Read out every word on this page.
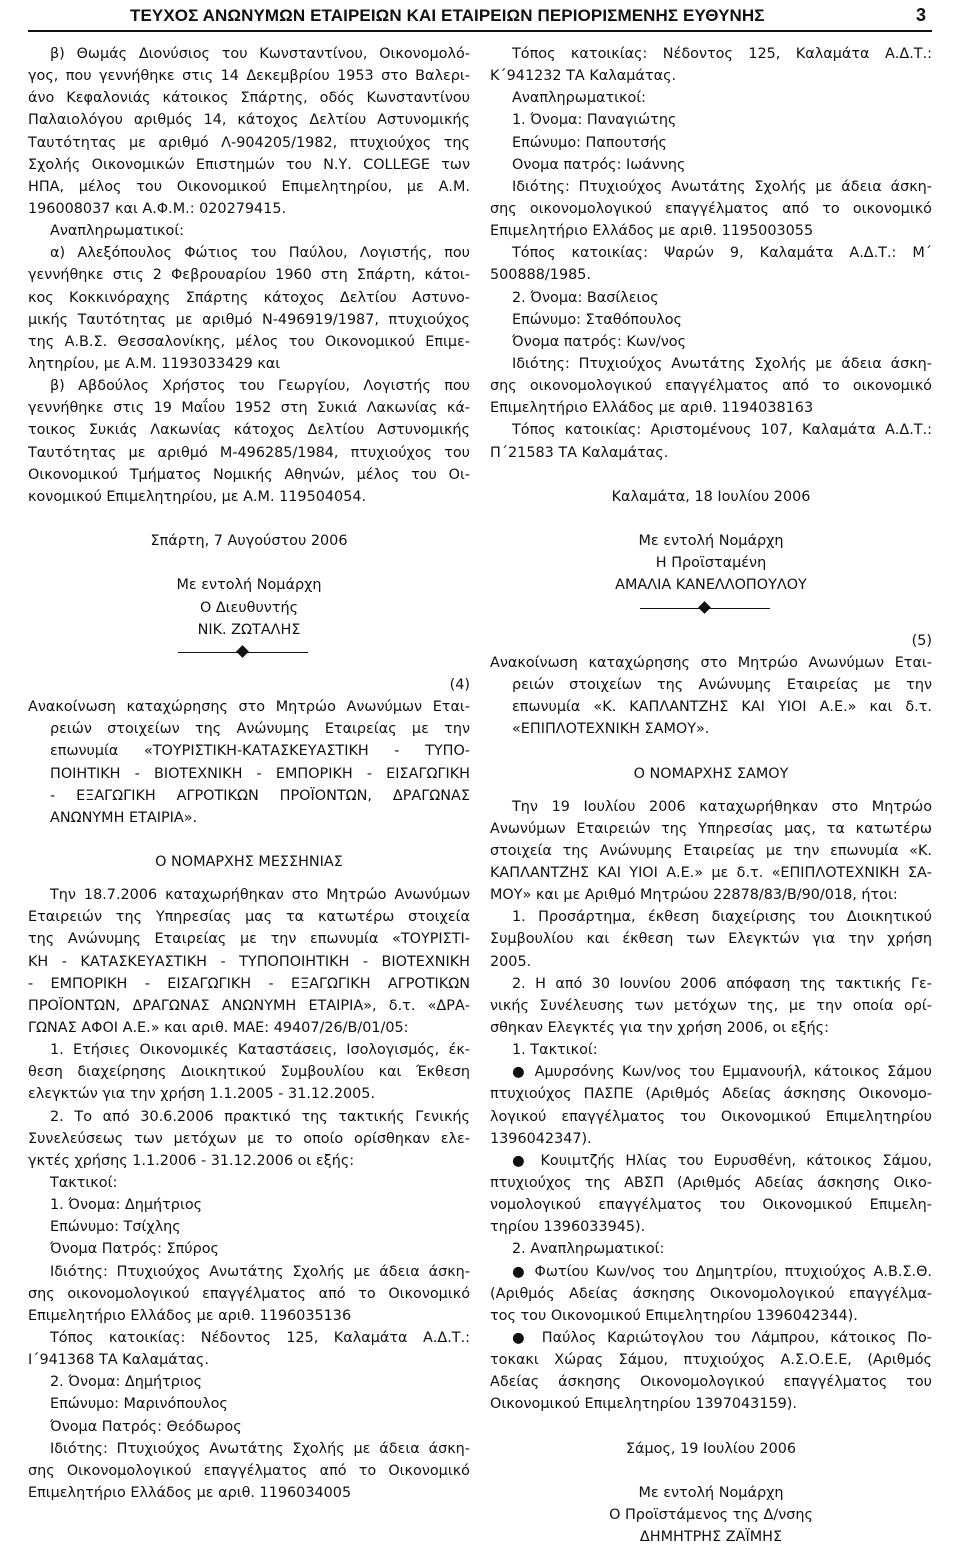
ΤΕΥΧΟΣ ΑΝΩΝΥΜΩΝ ΕΤΑΙΡΕΙΩΝ ΚΑΙ ΕΤΑΙΡΕΙΩΝ ΠΕΡΙΟΡΙΣΜΕΝΗΣ ΕΥΘΥΝΗΣ	3
β) Θωμάς Διονύσιος του Κωνσταντίνου, Οικονομολό-
γος, που γεννήθηκε στις 14 Δεκεμβρίου 1953 στο Βαλερι-
άνο Κεφαλονιάς κάτοικος Σπάρτης, οδός Κωνσταντίνου
Παλαιολόγου αριθμός 14, κάτοχος Δελτίου Αστυνομικής
Ταυτότητας με αριθμό Λ-904205/1982, πτυχιούχος της
Σχολής Οικονομικών Επιστημών του Ν.Υ. COLLEGE των
ΗΠΑ, μέλος του Οικονομικού Επιμελητηρίου, με Α.Μ.
196008037 και Α.Φ.Μ.: 020279415.
Αναπληρωματικοί:
α) Αλεξόπουλος Φώτιος του Παύλου, Λογιστής, που
γεννήθηκε στις 2 Φεβρουαρίου 1960 στη Σπάρτη, κάτοι-
κος Κοκκινόραχης Σπάρτης κάτοχος Δελτίου Αστυνο-
μικής Ταυτότητας με αριθμό Ν-496919/1987, πτυχιούχος
της Α.Β.Σ. Θεσσαλονίκης, μέλος του Οικονομικού Επιμε-
λητηρίου, με Α.Μ. 1193033429 και
β) Αβδούλος Χρήστος του Γεωργίου, Λογιστής που
γεννήθηκε στις 19 Μαΐου 1952 στη Συκιά Λακωνίας κά-
τοικος Συκιάς Λακωνίας κάτοχος Δελτίου Αστυνομικής
Ταυτότητας με αριθμό Μ-496285/1984, πτυχιούχος του
Οικονομικού Τμήματος Νομικής Αθηνών, μέλος του Οι-
κονομικού Επιμελητηρίου, με Α.Μ. 119504054.
Σπάρτη, 7 Αυγούστου 2006
Με εντολή Νομάρχη
Ο Διευθυντής
ΝΙΚ. ΖΩΤΑΛΗΣ
(4)
Ανακοίνωση καταχώρησης στο Μητρώο Ανωνύμων Εται-
ρειών στοιχείων της Ανώνυμης Εταιρείας με την
επωνυμία «ΤΟΥΡΙΣΤΙΚΗ-ΚΑΤΑΣΚΕΥΑΣΤΙΚΗ - ΤΥΠΟ-
ΠΟΙΗΤΙΚΗ - ΒΙΟΤΕΧΝΙΚΗ - ΕΜΠΟΡΙΚΗ - ΕΙΣΑΓΩΓΙΚΗ
- ΕΞΑΓΩΓΙΚΗ ΑΓΡΟΤΙΚΩΝ ΠΡΟΪΟΝΤΩΝ, ΔΡΑΓΩΝΑΣ
ΑΝΩΝΥΜΗ ΕΤΑΙΡΙΑ».
Ο ΝΟΜΑΡΧΗΣ ΜΕΣΣΗΝΙΑΣ
Την 18.7.2006 καταχωρήθηκαν στο Μητρώο Ανωνύμων
Εταιρειών της Υπηρεσίας μας τα κατωτέρω στοιχεία
της Ανώνυμης Εταιρείας με την επωνυμία «ΤΟΥΡΙΣΤΙ-
ΚΗ - ΚΑΤΑΣΚΕΥΑΣΤΙΚΗ - ΤΥΠΟΠΟΙΗΤΙΚΗ - ΒΙΟΤΕΧΝΙΚΗ
- ΕΜΠΟΡΙΚΗ - ΕΙΣΑΓΩΓΙΚΗ - ΕΞΑΓΩΓΙΚΗ ΑΓΡΟΤΙΚΩΝ
ΠΡΟΪΟΝΤΩΝ, ΔΡΑΓΩΝΑΣ ΑΝΩΝΥΜΗ ΕΤΑΙΡΙΑ», δ.τ. «ΔΡΑ-
ΓΩΝΑΣ ΑΦΟΙ Α.Ε.» και αριθ. ΜΑΕ: 49407/26/Β/01/05:
1. Ετήσιες Οικονομικές Καταστάσεις, Ισολογισμός, έκ-
θεση διαχείρησης Διοικητικού Συμβουλίου και Έκθεση
ελεγκτών για την χρήση 1.1.2005 - 31.12.2005.
2. Το από 30.6.2006 πρακτικό της τακτικής Γενικής
Συνελεύσεως των μετόχων με το οποίο ορίσθηκαν ελε-
γκτές χρήσης 1.1.2006 - 31.12.2006 οι εξής:
Τακτικοί:
1. Όνομα: Δημήτριος
Επώνυμο: Τσίχλης
Όνομα Πατρός: Σπύρος
Ιδιότης: Πτυχιούχος Ανωτάτης Σχολής με άδεια άσκη-
σης οικονομολογικού επαγγέλματος από το Οικονομικό
Επιμελητήριο Ελλάδος με αριθ. 1196035136
Τόπος κατοικίας: Νέδοντος 125, Καλαμάτα Α.Δ.Τ.:
Ι΄941368 ΤΑ Καλαμάτας.
2. Όνομα: Δημήτριος
Επώνυμο: Μαρινόπουλος
Όνομα Πατρός: Θεόδωρος
Ιδιότης: Πτυχιούχος Ανωτάτης Σχολής με άδεια άσκη-
σης Οικονομολογικού επαγγέλματος από το Οικονομικό
Επιμελητήριο Ελλάδος με αριθ. 1196034005
Τόπος κατοικίας: Νέδοντος 125, Καλαμάτα Α.Δ.Τ.:
Κ΄941232 ΤΑ Καλαμάτας.
Αναπληρωματικοί:
1. Όνομα: Παναγιώτης
Επώνυμο: Παπουτσής
Ονομα πατρός: Ιωάννης
Ιδιότης: Πτυχιούχος Ανωτάτης Σχολής με άδεια άσκη-
σης οικονομολογικού επαγγέλματος από το οικονομικό
Επιμελητήριο Ελλάδος με αριθ. 1195003055
Τόπος κατοικίας: Ψαρών 9, Καλαμάτα Α.Δ.Τ.: Μ΄
500888/1985.
2. Όνομα: Βασίλειος
Επώνυμο: Σταθόπουλος
Όνομα πατρός: Κων/νος
Ιδιότης: Πτυχιούχος Ανωτάτης Σχολής με άδεια άσκη-
σης οικονομολογικού επαγγέλματος από το οικονομικό
Επιμελητήριο Ελλάδος με αριθ. 1194038163
Τόπος κατοικίας: Αριστομένους 107, Καλαμάτα Α.Δ.Τ.:
Π΄21583 ΤΑ Καλαμάτας.
Καλαμάτα, 18 Ιουλίου 2006
Με εντολή Νομάρχη
Η Προϊσταμένη
ΑΜΑΛΙΑ ΚΑΝΕΛΛΟΠΟΥΛΟΥ
(5)
Ανακοίνωση καταχώρησης στο Μητρώο Ανωνύμων Εται-
ρειών στοιχείων της Ανώνυμης Εταιρείας με την
επωνυμία «Κ. ΚΑΠΛΑΝΤΖΗΣ ΚΑΙ ΥΙΟΙ Α.Ε.» και δ.τ.
«ΕΠΙΠΛΟΤΕΧΝΙΚΗ ΣΑΜΟΥ».
Ο ΝΟΜΑΡΧΗΣ ΣΑΜΟΥ
Την 19 Ιουλίου 2006 καταχωρήθηκαν στο Μητρώο
Ανωνύμων Εταιρειών της Υπηρεσίας μας, τα κατωτέρω
στοιχεία της Ανώνυμης Εταιρείας με την επωνυμία «Κ.
ΚΑΠΛΑΝΤΖΗΣ ΚΑΙ ΥΙΟΙ Α.Ε.» με δ.τ. «ΕΠΙΠΛΟΤΕΧΝΙΚΗ ΣΑ-
ΜΟΥ» και με Αριθμό Μητρώου 22878/83/Β/90/018, ήτοι:
1. Προσάρτημα, έκθεση διαχείρισης του Διοικητικού
Συμβουλίου και έκθεση των Ελεγκτών για την χρήση
2005.
2. Η από 30 Ιουνίου 2006 απόφαση της τακτικής Γε-
νικής Συνέλευσης των μετόχων της, με την οποία ορί-
σθηκαν Ελεγκτές για την χρήση 2006, οι εξής:
1. Τακτικοί:
● Αμυρσόνης Κων/νος του Εμμανουήλ, κάτοικος Σάμου
πτυχιούχος ΠΑΣΠΕ (Αριθμός Αδείας άσκησης Οικονομο-
λογικού επαγγέλματος του Οικονομικού Επιμελητηρίου
1396042347).
● Κουιμτζής Ηλίας του Ευρυσθένη, κάτοικος Σάμου,
πτυχιούχος της ΑΒΣΠ (Αριθμός Αδείας άσκησης Οικο-
νομολογικού επαγγέλματος του Οικονομικού Επιμελη-
τηρίου 1396033945).
2. Αναπληρωματικοί:
● Φωτίου Κων/νος του Δημητρίου, πτυχιούχος Α.Β.Σ.Θ.
(Αριθμός Αδείας άσκησης Οικονομολογικού επαγγέλμα-
τος του Οικονομικού Επιμελητηρίου 1396042344).
● Παύλος Καριώτογλου του Λάμπρου, κάτοικος Πο-
τοκακι Χώρας Σάμου, πτυχιούχος Α.Σ.Ο.Ε.Ε, (Αριθμός
Αδείας άσκησης Οικονομολογικού επαγγέλματος του
Οικονομικού Επιμελητηρίου 1397043159).
Σάμος, 19 Ιουλίου 2006
Με εντολή Νομάρχη
Ο Προϊστάμενος της Δ/νσης
ΔΗΜΗΤΡΗΣ ΖΑΪΜΗΣ
